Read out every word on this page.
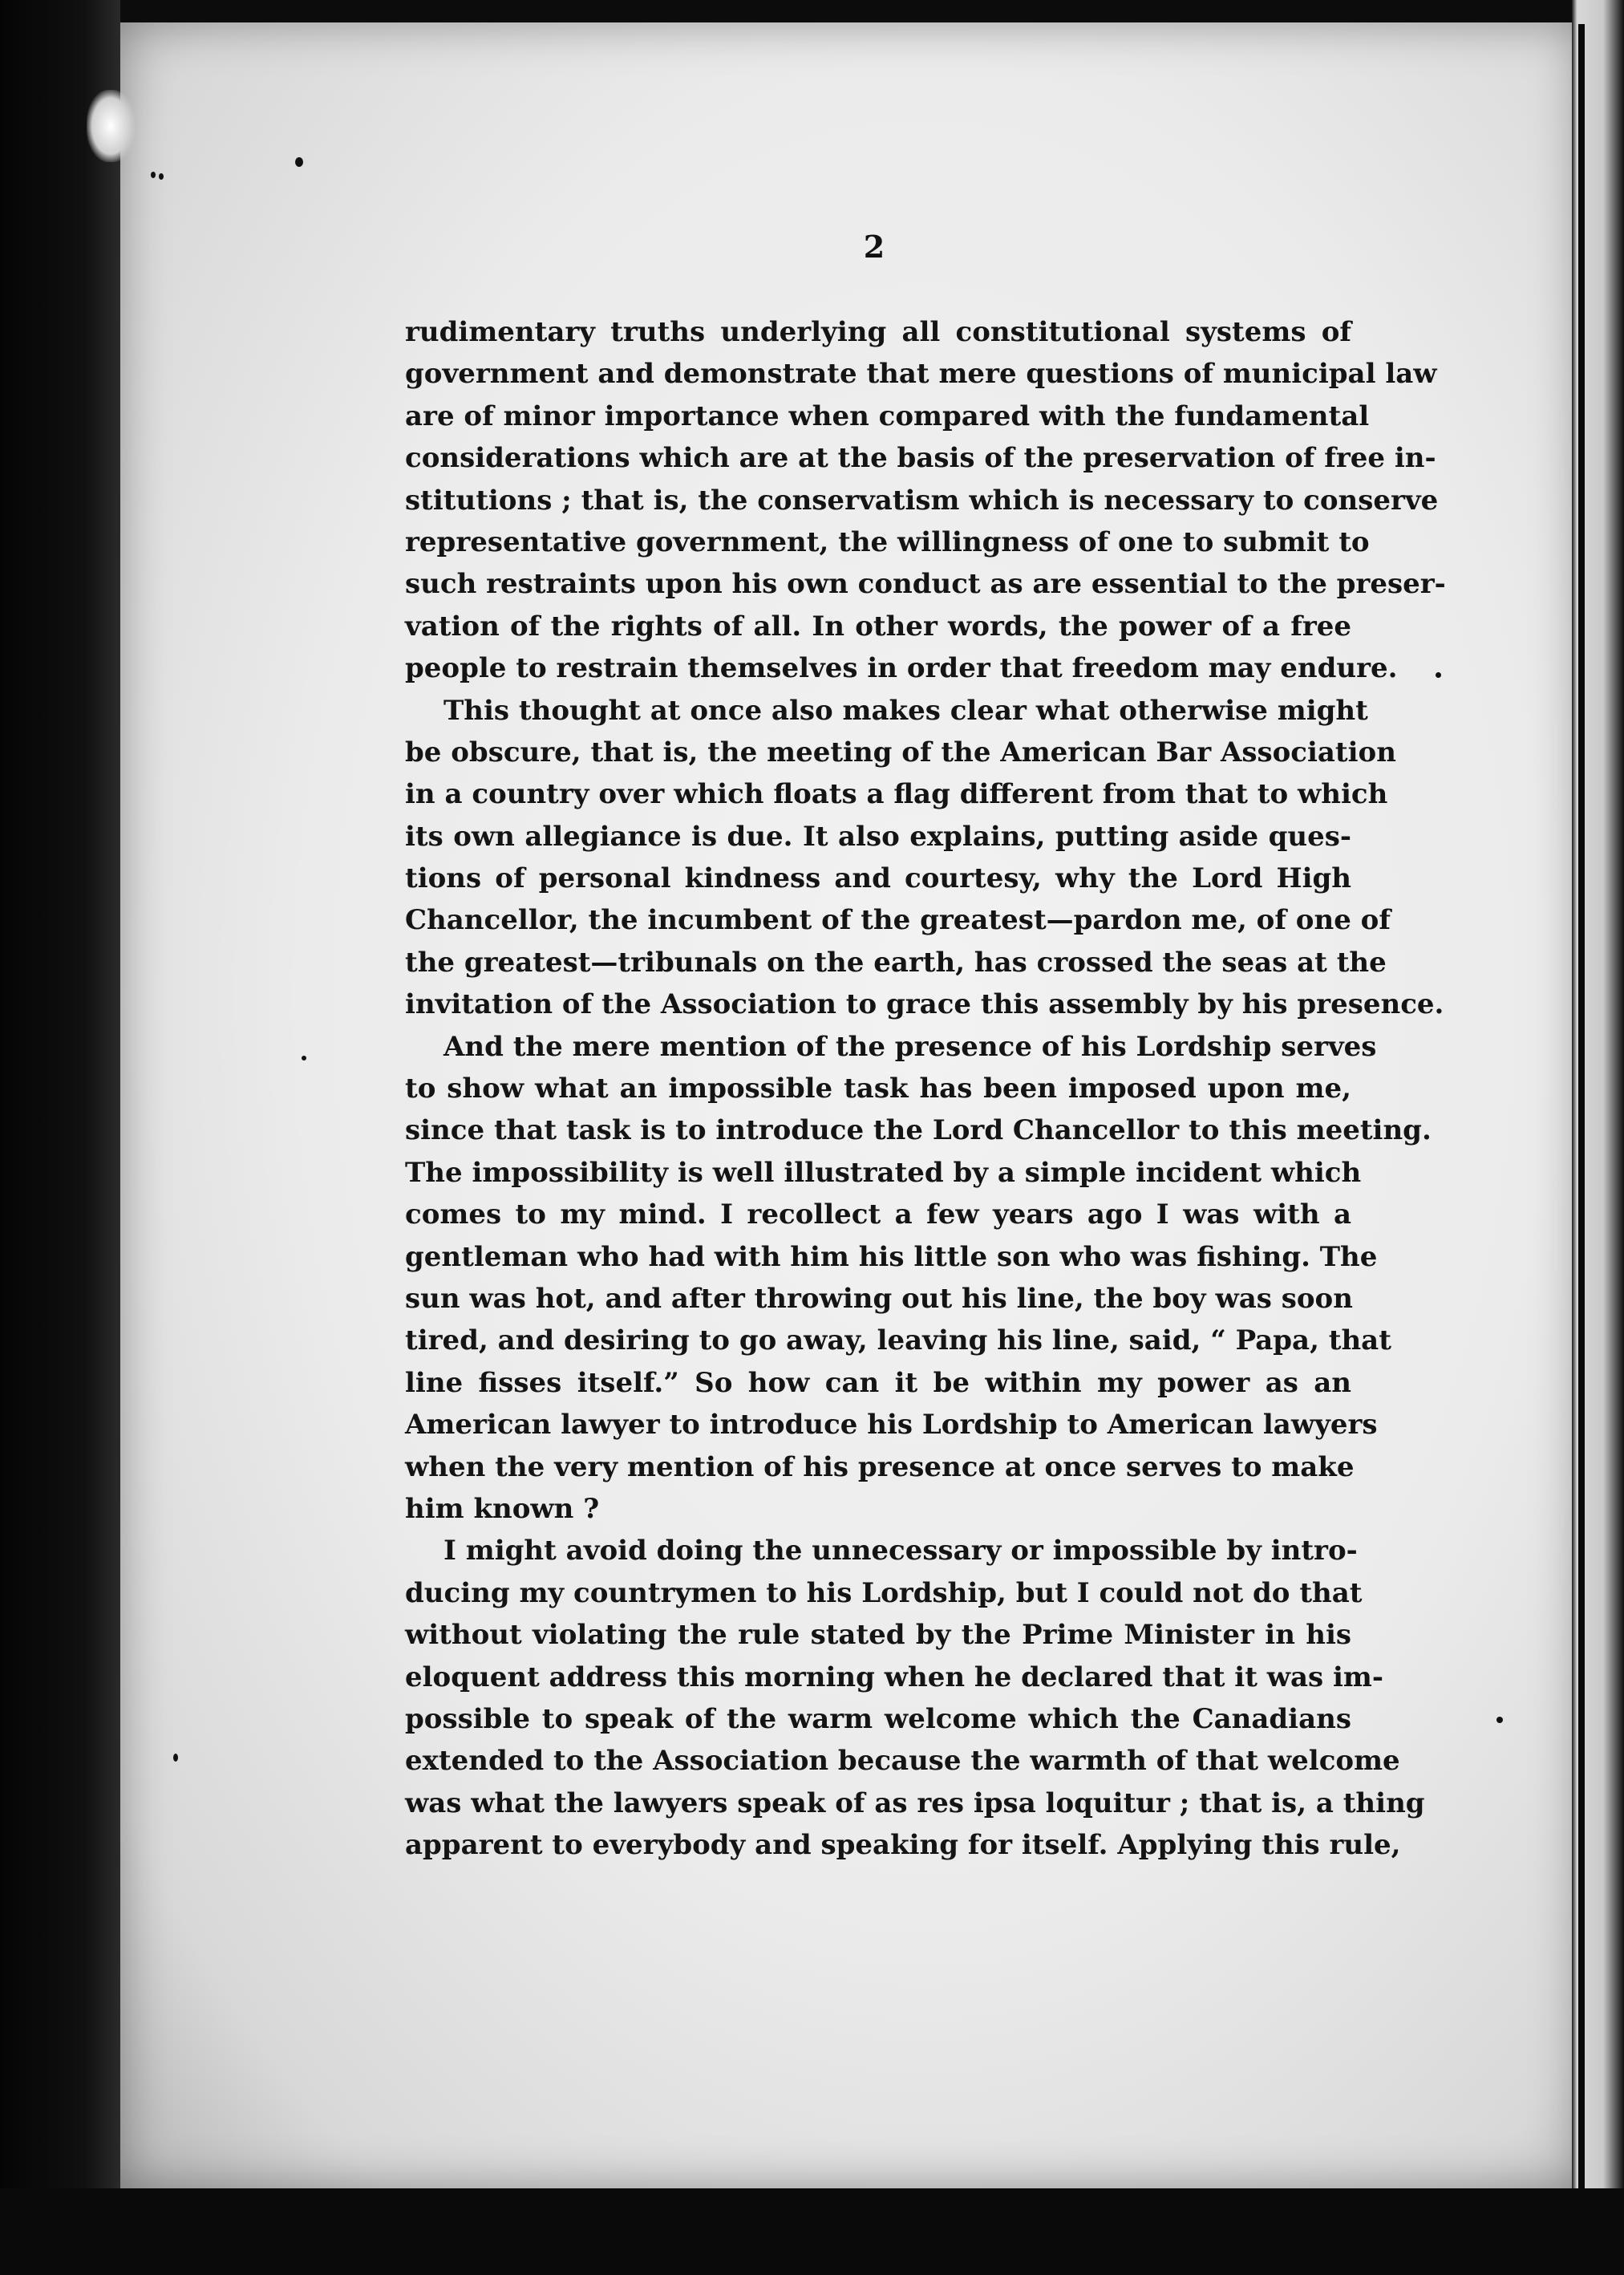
2
rudimentary truths underlying all constitutional systems of
government and demonstrate that mere questions of municipal law
are of minor importance when compared with the fundamental
considerations which are at the basis of the preservation of free in-
stitutions ; that is, the conservatism which is necessary to conserve
representative government, the willingness of one to submit to
such restraints upon his own conduct as are essential to the preser-
vation of the rights of all. In other words, the power of a free
people to restrain themselves in order that freedom may endure.
This thought at once also makes clear what otherwise might
be obscure, that is, the meeting of the American Bar Association
in a country over which floats a flag different from that to which
its own allegiance is due. It also explains, putting aside ques-
tions of personal kindness and courtesy, why the Lord High
Chancellor, the incumbent of the greatest—pardon me, of one of
the greatest—tribunals on the earth, has crossed the seas at the
invitation of the Association to grace this assembly by his presence.
And the mere mention of the presence of his Lordship serves
to show what an impossible task has been imposed upon me,
since that task is to introduce the Lord Chancellor to this meeting.
The impossibility is well illustrated by a simple incident which
comes to my mind. I recollect a few years ago I was with a
gentleman who had with him his little son who was fishing. The
sun was hot, and after throwing out his line, the boy was soon
tired, and desiring to go away, leaving his line, said, “ Papa, that
line fisses itself.” So how can it be within my power as an
American lawyer to introduce his Lordship to American lawyers
when the very mention of his presence at once serves to make
him known ?
I might avoid doing the unnecessary or impossible by intro-
ducing my countrymen to his Lordship, but I could not do that
without violating the rule stated by the Prime Minister in his
eloquent address this morning when he declared that it was im-
possible to speak of the warm welcome which the Canadians
extended to the Association because the warmth of that welcome
was what the lawyers speak of as res ipsa loquitur ; that is, a thing
apparent to everybody and speaking for itself. Applying this rule,
